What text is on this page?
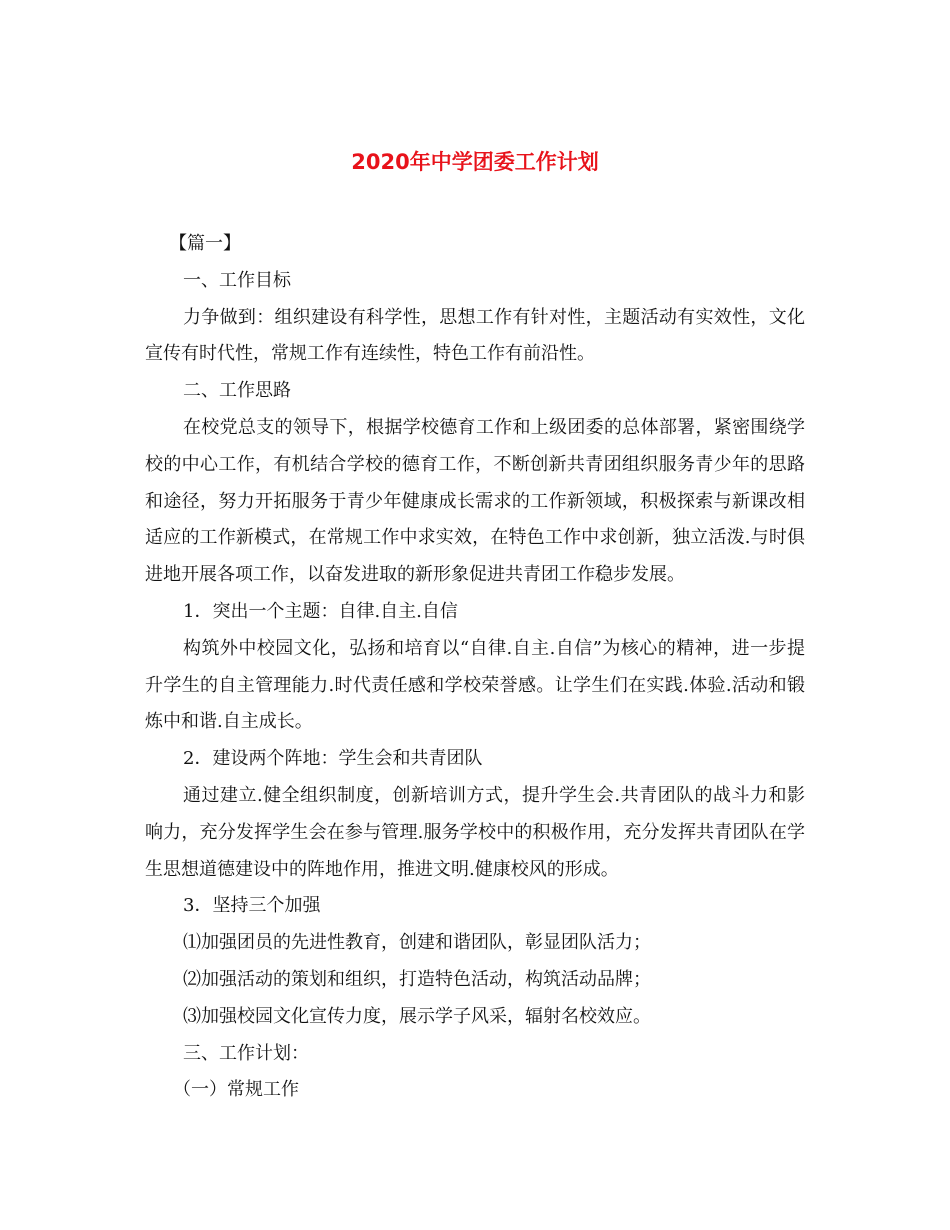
2020年中学团委工作计划

【篇一】

一、工作目标

力争做到：组织建设有科学性，思想工作有针对性，主题活动有实效性，文化宣传有时代性，常规工作有连续性，特色工作有前沿性。

二、工作思路

在校党总支的领导下，根据学校德育工作和上级团委的总体部署，紧密围绕学校的中心工作，有机结合学校的德育工作，不断创新共青团组织服务青少年的思路和途径，努力开拓服务于青少年健康成长需求的工作新领域，积极探索与新课改相适应的工作新模式，在常规工作中求实效，在特色工作中求创新，独立活泼.与时俱进地开展各项工作，以奋发进取的新形象促进共青团工作稳步发展。

1．突出一个主题：自律.自主.自信

构筑外中校园文化，弘扬和培育以“自律.自主.自信”为核心的精神，进一步提升学生的自主管理能力.时代责任感和学校荣誉感。让学生们在实践.体验.活动和锻炼中和谐.自主成长。

2．建设两个阵地：学生会和共青团队

通过建立.健全组织制度，创新培训方式，提升学生会.共青团队的战斗力和影响力，充分发挥学生会在参与管理.服务学校中的积极作用，充分发挥共青团队在学生思想道德建设中的阵地作用，推进文明.健康校风的形成。

3．坚持三个加强

⑴加强团员的先进性教育，创建和谐团队，彰显团队活力；

⑵加强活动的策划和组织，打造特色活动，构筑活动品牌；

⑶加强校园文化宣传力度，展示学子风采，辐射名校效应。

三、工作计划：

（一）常规工作
